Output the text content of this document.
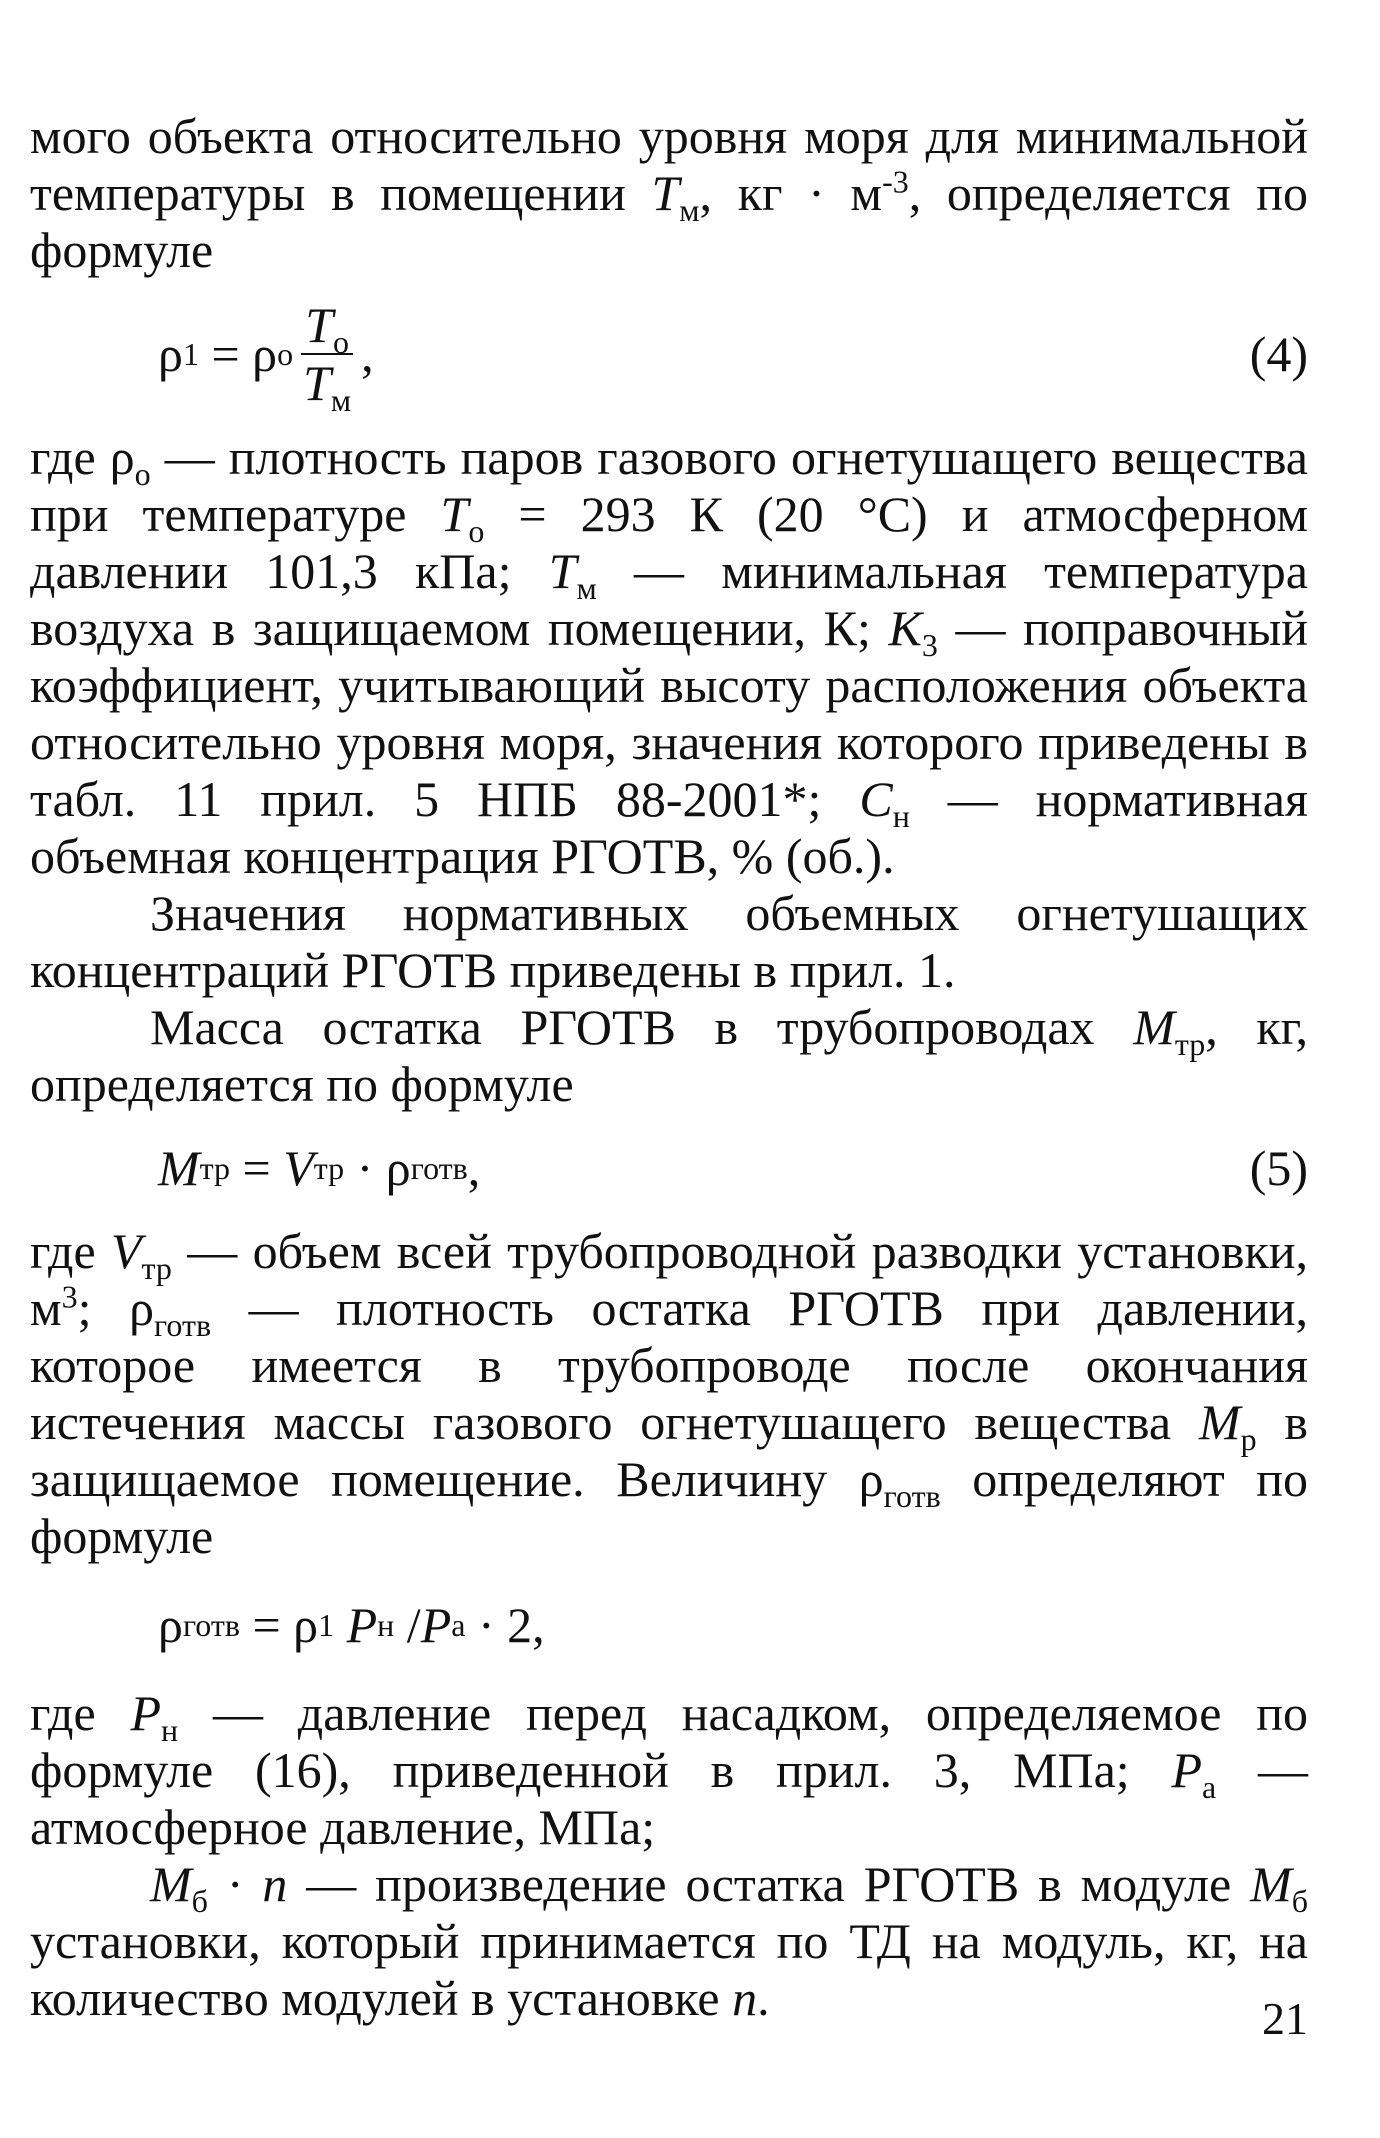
мого объекта относительно уровня моря для минимальной температуры в помещении $T_м$, кг · $м^{-3}$, определяется по формуле

ρ 1 = ρ о $\frac{T_о}{T_м}$ ,	(4)

где $\rho_о$ — плотность паров газового огнетушащего вещества при температуре $T_о = 293$ К (20 °С) и атмосферном давлении 101,3 кПа; $T_м$ — минимальная температура воздуха в защищаемом помещении, К; $K_3$ — поправочный коэффициент, учитывающий высоту расположения объекта относительно уровня моря, значения которого приведены в табл. 11 прил. 5 НПБ 88-2001*; $C_н$ — нормативная объемная концентрация РГОТВ, % (об.).

Значения нормативных объемных огнетушащих концентраций РГОТВ приведены в прил. 1.

Масса остатка РГОТВ в трубопроводах $M_{тр}$, кг, определяется по формуле

M тр = V тр · ρ готв ,	(5)

где $V_{тр}$ — объем всей трубопроводной разводки установки, $м^3$; $\rho_{готв}$ — плотность остатка РГОТВ при давлении, которое имеется в трубопроводе после окончания истечения массы газового огнетушащего вещества $M_р$ в защищаемое помещение. Величину $\rho_{готв}$ определяют по формуле

ρ готв = ρ 1
P н / P а · 2,

где $P_н$ — давление перед насадком, определяемое по формуле (16), приведенной в прил. 3, МПа; $P_а$ — атмосферное давление, МПа;

$M_б \cdot n$ — произведение остатка РГОТВ в модуле $M_б$ установки, который принимается по ТД на модуль, кг, на количество модулей в установке n.	21
